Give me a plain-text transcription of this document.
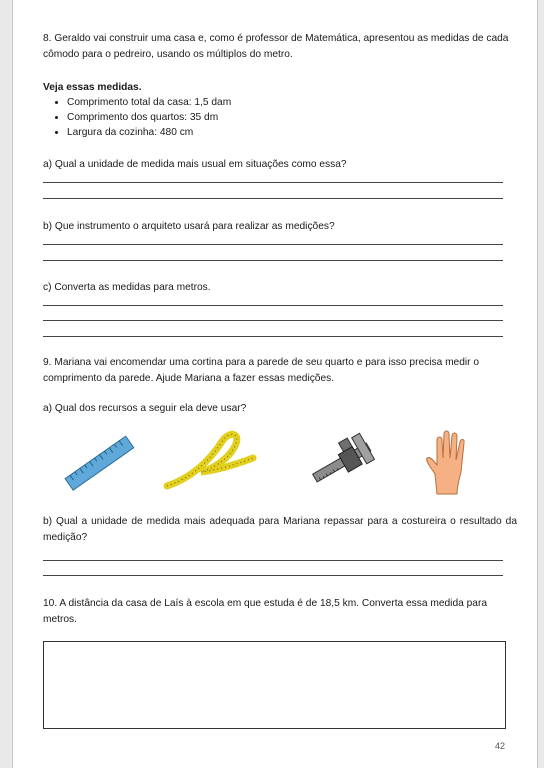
8. Geraldo vai construir uma casa e, como é professor de Matemática, apresentou as medidas de cada cômodo para o pedreiro, usando os múltiplos do metro.

Veja essas medidas.

• Comprimento total da casa: 1,5 dam
• Comprimento dos quartos: 35 dm
• Largura da cozinha: 480 cm

a) Qual a unidade de medida mais usual em situações como essa?

b) Que instrumento o arquiteto usará para realizar as medições?

c) Converta as medidas para metros.

9. Mariana vai encomendar uma cortina para a parede de seu quarto e para isso precisa medir o comprimento da parede. Ajude Mariana a fazer essas medições.

a) Qual dos recursos a seguir ela deve usar?

b) Qual a unidade de medida mais adequada para Mariana repassar para a costureira o resultado da medição?

10. A distância da casa de Laís à escola em que estuda é de 18,5 km. Converta essa medida para metros.

42
